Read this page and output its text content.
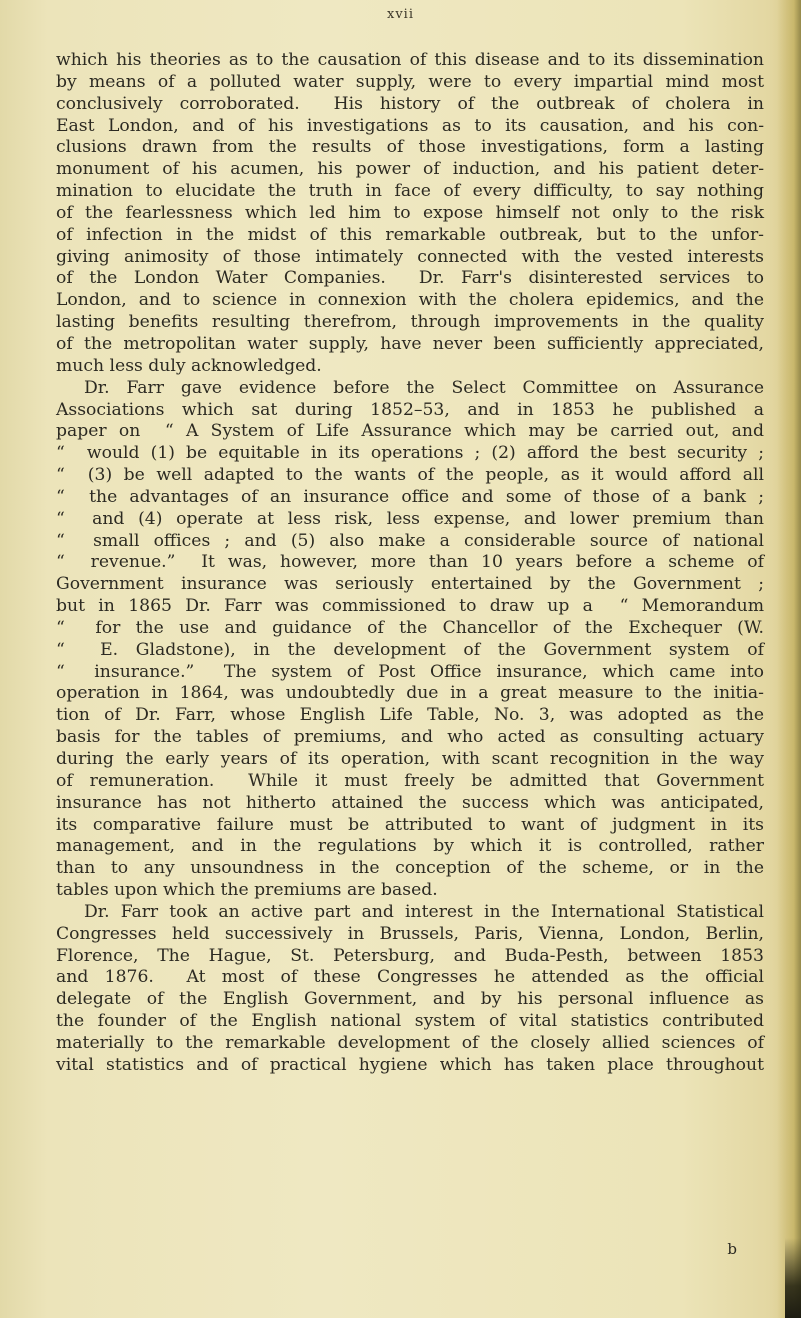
xvii
which his theories as to the causation of this disease and to its dissemination
by means of a polluted water supply, were to every impartial mind most
conclusively corroborated.  His history of the outbreak of cholera in
East London, and of his investigations as to its causation, and his con-
clusions drawn from the results of those investigations, form a lasting
monument of his acumen, his power of induction, and his patient deter-
mination to elucidate the truth in face of every difficulty, to say nothing
of the fearlessness which led him to expose himself not only to the risk
of infection in the midst of this remarkable outbreak, but to the unfor-
giving animosity of those intimately connected with the vested interests
of the London Water Companies.  Dr. Farr's disinterested services to
London, and to science in connexion with the cholera epidemics, and the
lasting benefits resulting therefrom, through improvements in the quality
of the metropolitan water supply, have never been sufficiently appreciated,
much less duly acknowledged.
Dr. Farr gave evidence before the Select Committee on Assurance
Associations which sat during 1852–53, and in 1853 he published a
paper on  “ A System of Life Assurance which may be carried out, and
“  would (1) be equitable in its operations ; (2) afford the best security ;
“  (3) be well adapted to the wants of the people, as it would afford all
“  the advantages of an insurance office and some of those of a bank ;
“  and (4) operate at less risk, less expense, and lower premium than
“  small offices ; and (5) also make a considerable source of national
“  revenue.”  It was, however, more than 10 years before a scheme of
Government insurance was seriously entertained by the Government ;
but in 1865 Dr. Farr was commissioned to draw up a  “ Memorandum
“  for the use and guidance of the Chancellor of the Exchequer (W.
“  E. Gladstone), in the development of the Government system of
“  insurance.”  The system of Post Office insurance, which came into
operation in 1864, was undoubtedly due in a great measure to the initia-
tion of Dr. Farr, whose English Life Table, No. 3, was adopted as the
basis for the tables of premiums, and who acted as consulting actuary
during the early years of its operation, with scant recognition in the way
of remuneration.  While it must freely be admitted that Government
insurance has not hitherto attained the success which was anticipated,
its comparative failure must be attributed to want of judgment in its
management, and in the regulations by which it is controlled, rather
than to any unsoundness in the conception of the scheme, or in the
tables upon which the premiums are based.
Dr. Farr took an active part and interest in the International Statistical
Congresses held successively in Brussels, Paris, Vienna, London, Berlin,
Florence, The Hague, St. Petersburg, and Buda-Pesth, between 1853
and 1876.  At most of these Congresses he attended as the official
delegate of the English Government, and by his personal influence as
the founder of the English national system of vital statistics contributed
materially to the remarkable development of the closely allied sciences of
vital statistics and of practical hygiene which has taken place throughout
b
